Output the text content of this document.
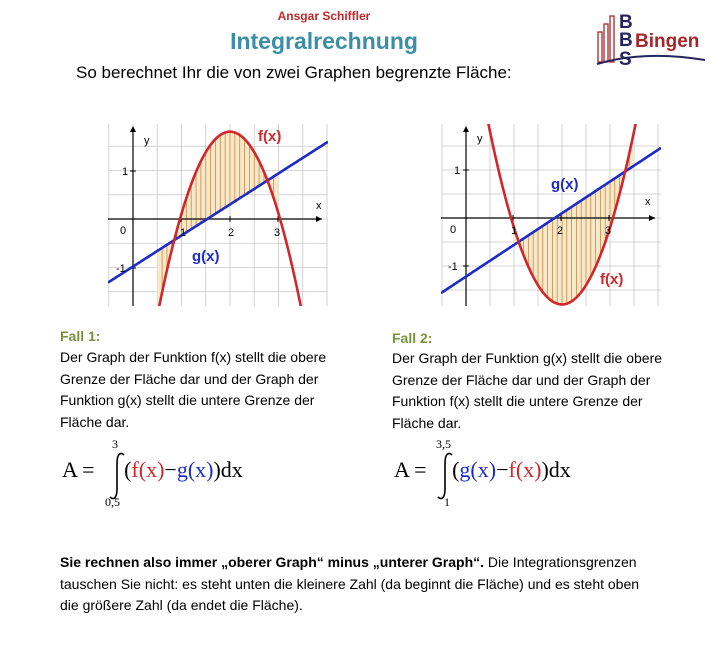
Ansgar Schiffler
Integralrechnung
So berechnet Ihr die von zwei Graphen begrenzte Fläche:
B
B
S
Bingen
x
y
0	1	2	3
1
-1
f(x)
g(x)
x
y
0	1	2	3
1
-1
f(x)
g(x)
Fall 1:
Der Graph der Funktion f(x) stellt die obere
Grenze der Fläche dar und der Graph der
Funktion g(x) stellt die untere Grenze der
Fläche dar.
Fall 2:
Der Graph der Funktion g(x) stellt die obere
Grenze der Fläche dar und der Graph der
Funktion f(x) stellt die untere Grenze der
Fläche dar.
3
0,5
A = (f(x)−g(x))dx
3,5
1
A = (g(x)−f(x))dx
Sie rechnen also immer „oberer Graph“ minus „unterer Graph“. Die Integrationsgrenzen
tauschen Sie nicht: es steht unten die kleinere Zahl (da beginnt die Fläche) und es steht oben
die größere Zahl (da endet die Fläche).
